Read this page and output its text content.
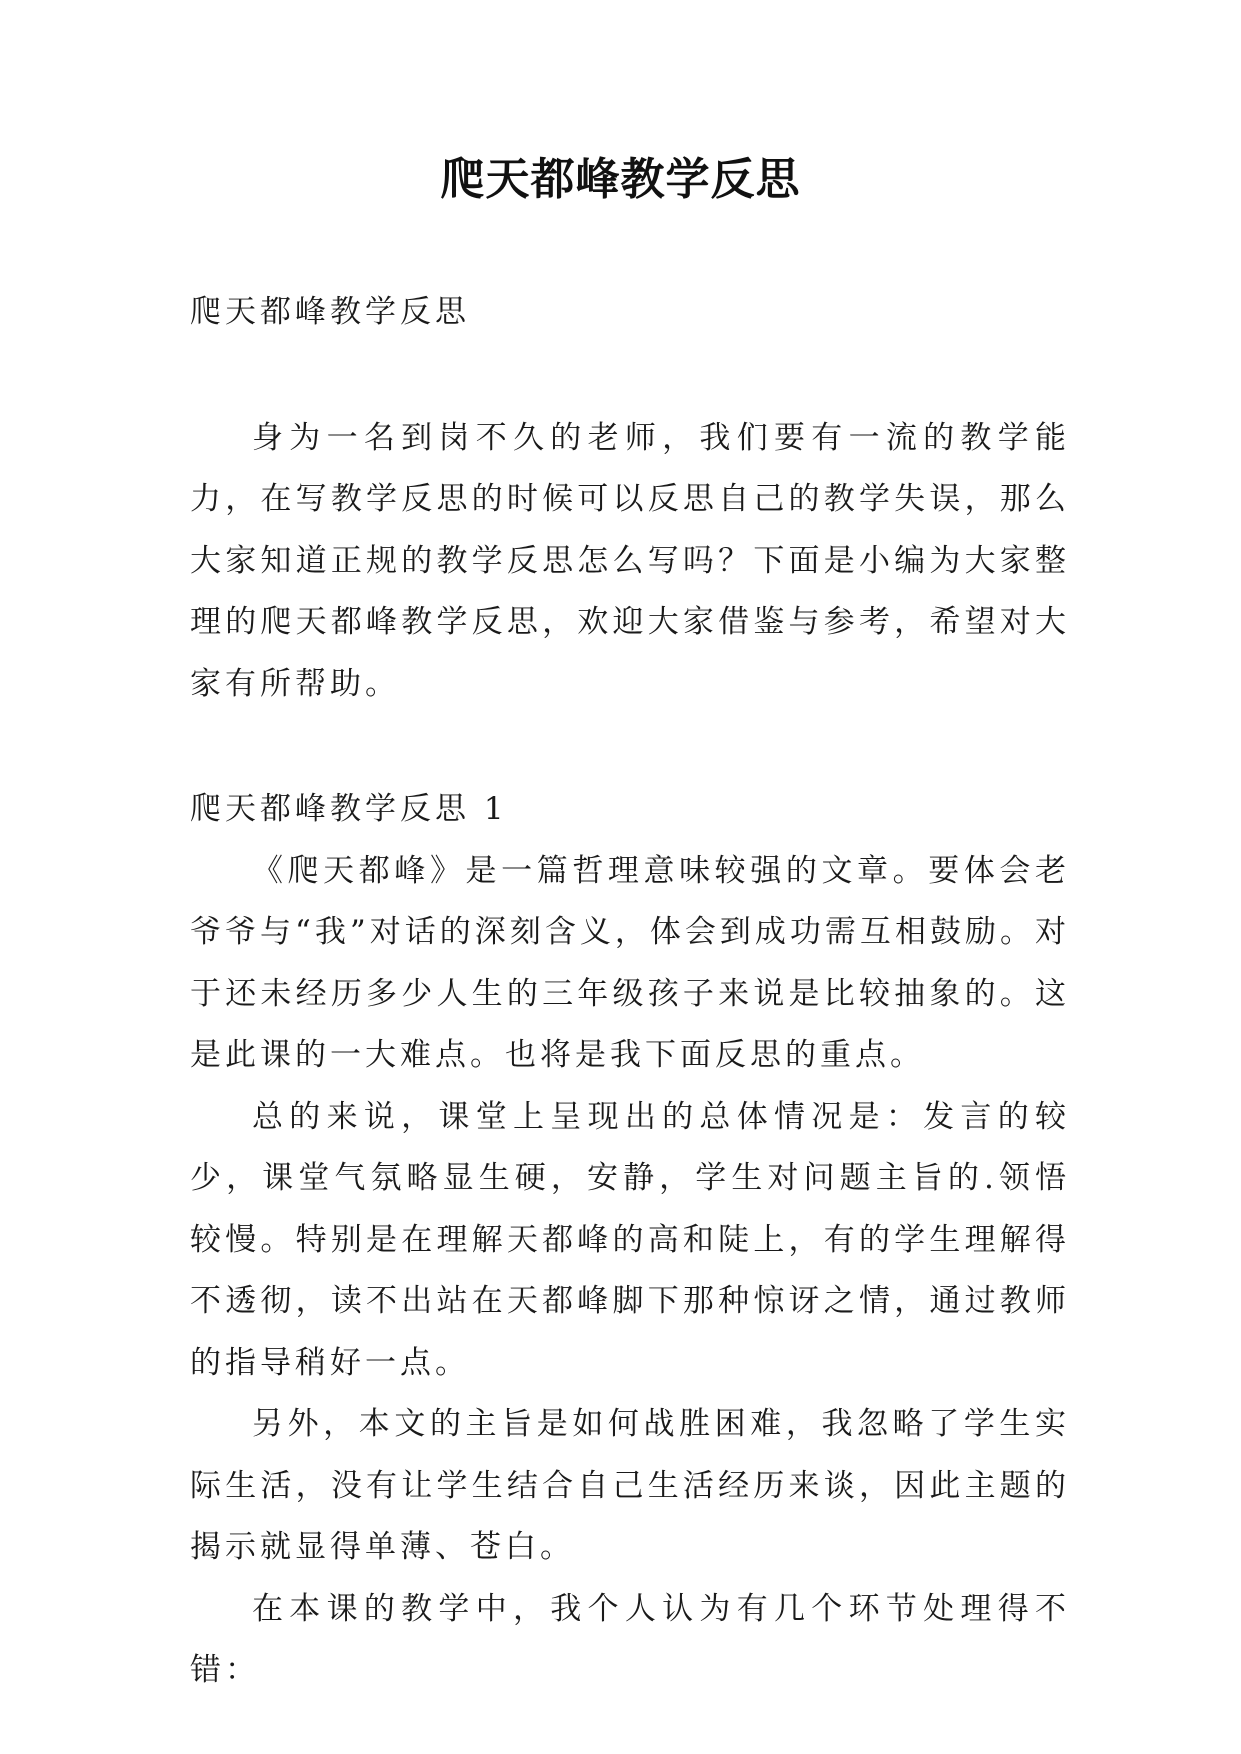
爬天都峰教学反思

爬天都峰教学反思

身为一名到岗不久的老师，我们要有一流的教学能力，在写教学反思的时候可以反思自己的教学失误，那么大家知道正规的教学反思怎么写吗？下面是小编为大家整理的爬天都峰教学反思，欢迎大家借鉴与参考，希望对大家有所帮助。

爬天都峰教学反思 1

《爬天都峰》是一篇哲理意味较强的文章。要体会老爷爷与“我”对话的深刻含义，体会到成功需互相鼓励。对于还未经历多少人生的三年级孩子来说是比较抽象的。这是此课的一大难点。也将是我下面反思的重点。

总的来说，课堂上呈现出的总体情况是：发言的较少，课堂气氛略显生硬，安静，学生对问题主旨的.领悟较慢。特别是在理解天都峰的高和陡上，有的学生理解得不透彻，读不出站在天都峰脚下那种惊讶之情，通过教师的指导稍好一点。

另外，本文的主旨是如何战胜困难，我忽略了学生实际生活，没有让学生结合自己生活经历来谈，因此主题的揭示就显得单薄、苍白。

在本课的教学中，我个人认为有几个环节处理得不错：
